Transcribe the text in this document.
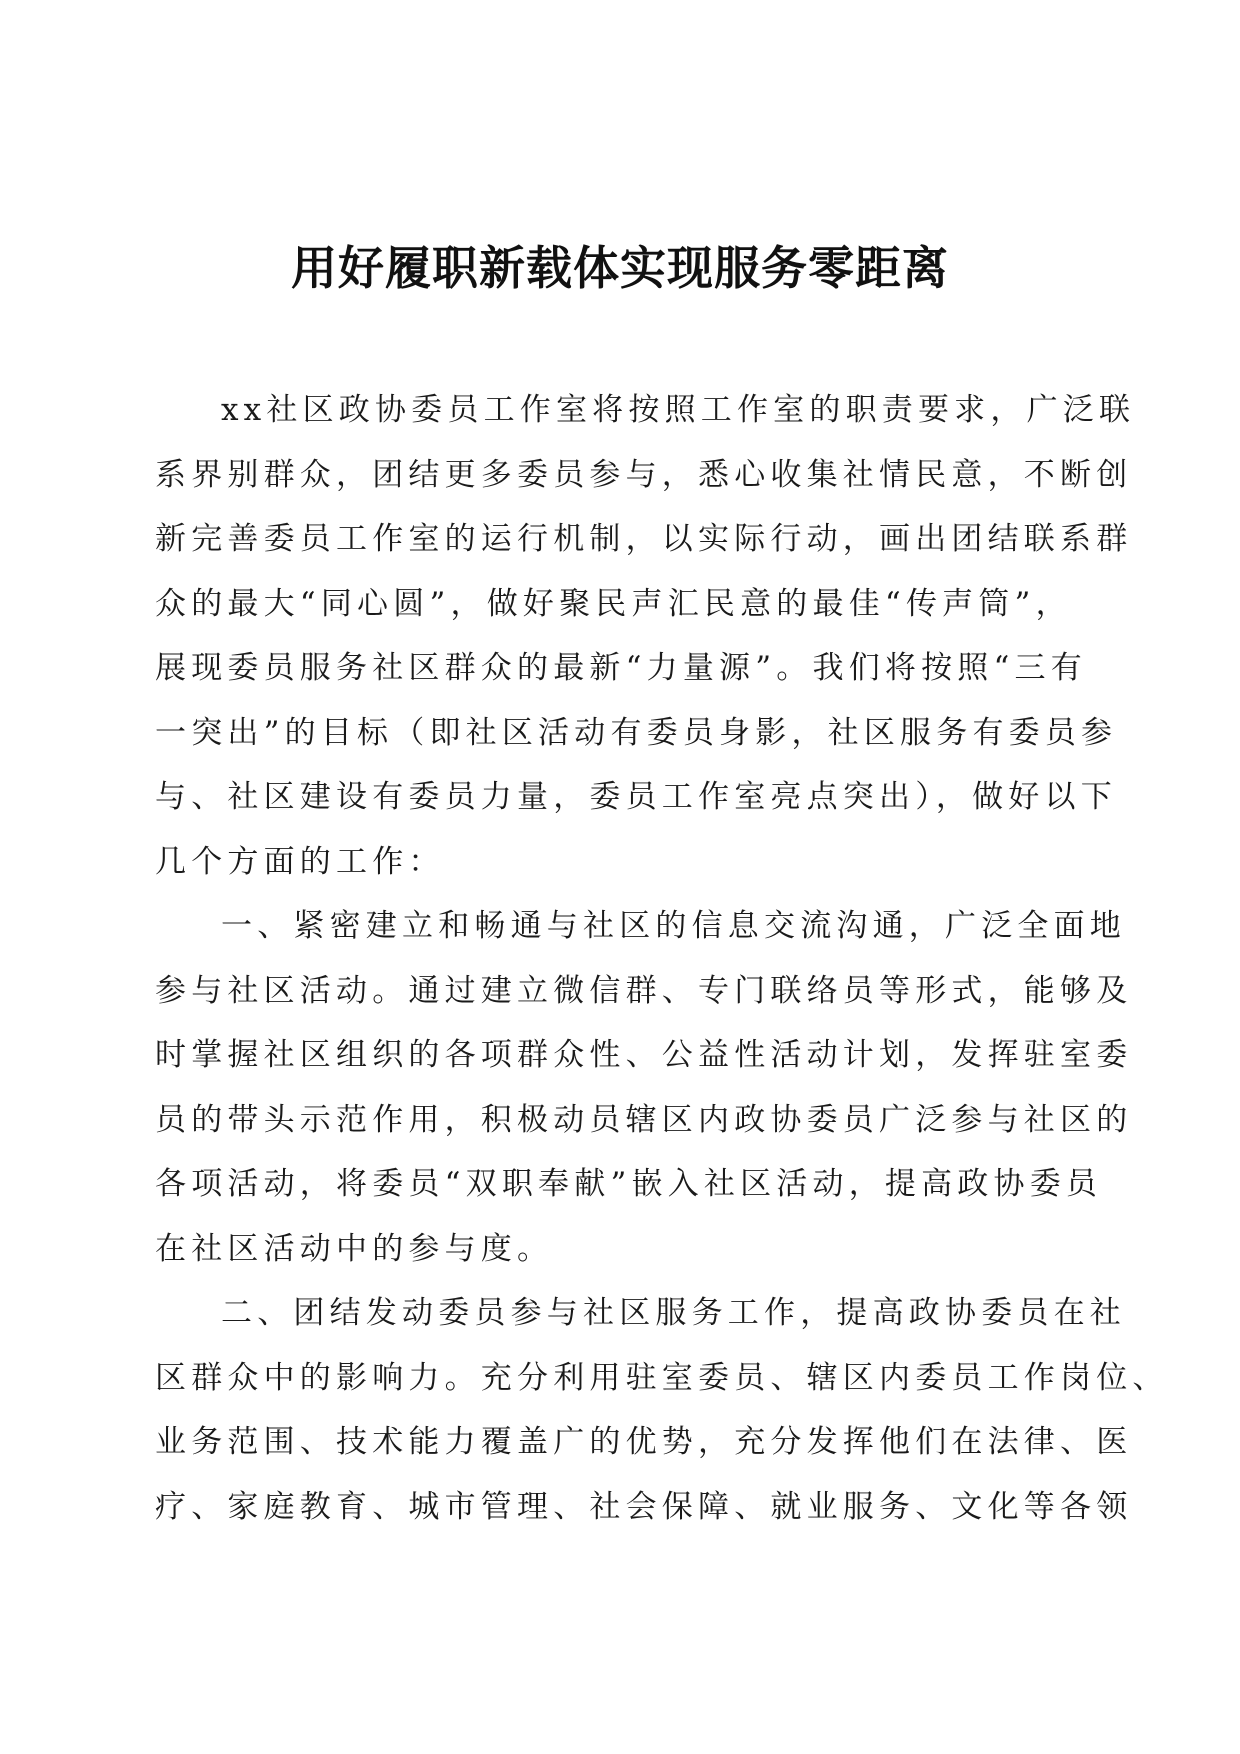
用好履职新载体实现服务零距离
xx社区政协委员工作室将按照工作室的职责要求，广泛联
系界别群众，团结更多委员参与，悉心收集社情民意，不断创
新完善委员工作室的运行机制，以实际行动，画出团结联系群
众的最大“同心圆”，做好聚民声汇民意的最佳“传声筒”，
展现委员服务社区群众的最新“力量源”。我们将按照“三有
一突出”的目标（即社区活动有委员身影，社区服务有委员参
与、社区建设有委员力量，委员工作室亮点突出），做好以下
几个方面的工作：
一、紧密建立和畅通与社区的信息交流沟通，广泛全面地
参与社区活动。通过建立微信群、专门联络员等形式，能够及
时掌握社区组织的各项群众性、公益性活动计划，发挥驻室委
员的带头示范作用，积极动员辖区内政协委员广泛参与社区的
各项活动，将委员“双职奉献”嵌入社区活动，提高政协委员
在社区活动中的参与度。
二、团结发动委员参与社区服务工作，提高政协委员在社
区群众中的影响力。充分利用驻室委员、辖区内委员工作岗位、
业务范围、技术能力覆盖广的优势，充分发挥他们在法律、医
疗、家庭教育、城市管理、社会保障、就业服务、文化等各领
